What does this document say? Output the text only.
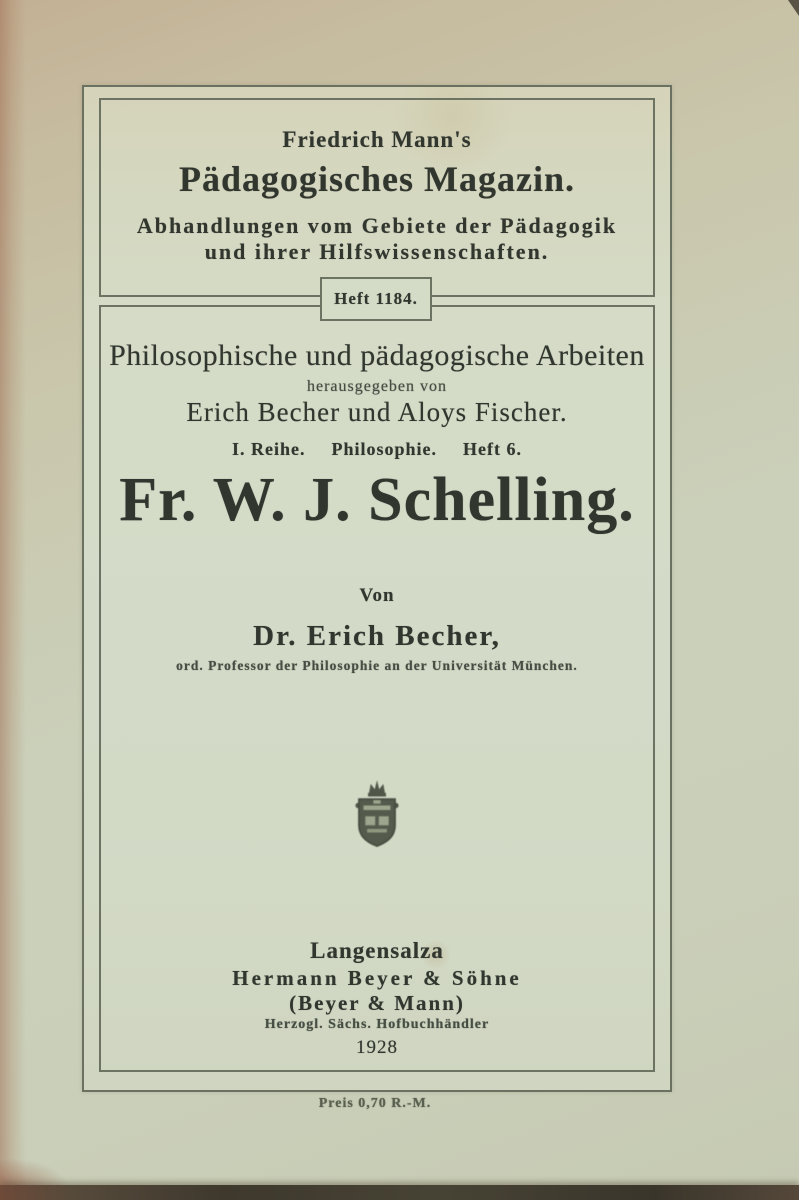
Friedrich Mann's
Pädagogisches Magazin.
Abhandlungen vom Gebiete der Pädagogik
und ihrer Hilfswissenschaften.
Heft 1184.
Philosophische und pädagogische Arbeiten
herausgegeben von
Erich Becher und Aloys Fischer.
I. Reihe. Philosophie. Heft 6.
Fr. W. J. Schelling.
Von
Dr. Erich Becher,
ord. Professor der Philosophie an der Universität München.
Langensalza
Hermann Beyer & Söhne
(Beyer & Mann)
Herzogl. Sächs. Hofbuchhändler
1928
Preis 0,70 R.-M.
